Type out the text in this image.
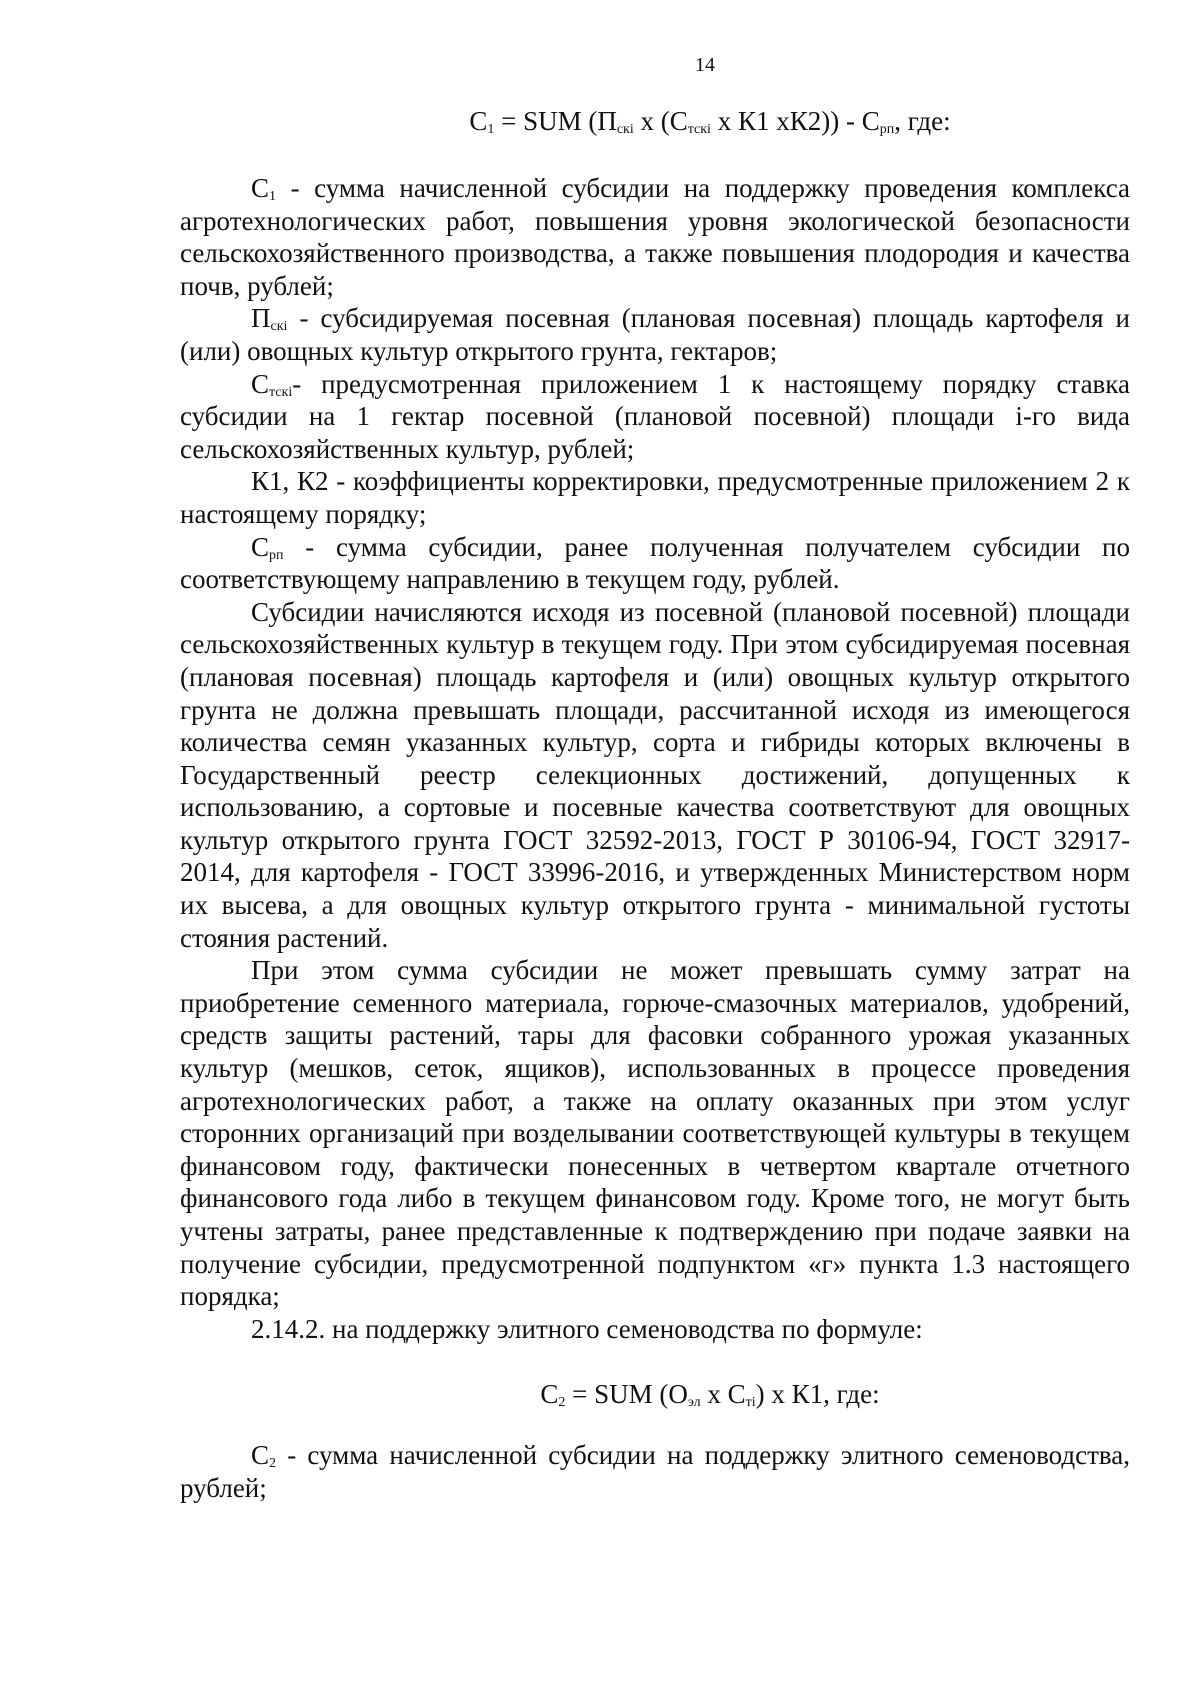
14
$C_1$ = SUM ($П_{скi}$ х ($С_{тскi}$ х К1 $хК2)) - С_{рп}$, где:

$С_1$ - сумма начисленной субсидии на поддержку проведения комплекса агротехнологических работ, повышения уровня экологической безопасности сельскохозяйственного производства, а также повышения плодородия и качества почв, рублей;

$П_{скi}$ - субсидируемая посевная (плановая посевная) площадь картофеля и (или) овощных культур открытого грунта, гектаров;

$С_{тскi}-$ предусмотренная приложением 1 к настоящему порядку ставка субсидии на 1 гектар посевной (плановой посевной) площади i-го вида сельскохозяйственных культур, рублей;

К1, К2 - коэффициенты корректировки, предусмотренные приложением 2 к настоящему порядку;

$С_{рп}$ - сумма субсидии, ранее полученная получателем субсидии по соответствующему направлению в текущем году, рублей.

Субсидии начисляются исходя из посевной (плановой посевной) площади сельскохозяйственных культур в текущем году. При этом субсидируемая посевная (плановая посевная) площадь картофеля и (или) овощных культур открытого грунта не должна превышать площади, рассчитанной исходя из имеющегося количества семян указанных культур, сорта и гибриды которых включены в Государственный реестр селекционных достижений, допущенных к использованию, а сортовые и посевные качества соответствуют для овощных культур открытого грунта ГОСТ 32592-2013, ГОСТ Р 30106-94, ГОСТ 32917-2014, для картофеля - ГОСТ 33996-2016, и утвержденных Министерством норм их высева, а для овощных культур открытого грунта - минимальной густоты стояния растений.

При этом сумма субсидии не может превышать сумму затрат на приобретение семенного материала, горюче-смазочных материалов, удобрений, средств защиты растений, тары для фасовки собранного урожая указанных культур (мешков, сеток, ящиков), использованных в процессе проведения агротехнологических работ, а также на оплату оказанных при этом услуг сторонних организаций при возделывании соответствующей культуры в текущем финансовом году, фактически понесенных в четвертом квартале отчетного финансового года либо в текущем финансовом году. Кроме того, не могут быть учтены затраты, ранее представленные к подтверждению при подаче заявки на получение субсидии, предусмотренной подпунктом «г» пункта 1.3 настоящего порядка;

2.14.2. на поддержку элитного семеноводства по формуле:

$С_2$ = SUM ($О_{эл}$ х $С_{тi}$) х К1, где:

$С_2$ - сумма начисленной субсидии на поддержку элитного семеноводства, рублей;
